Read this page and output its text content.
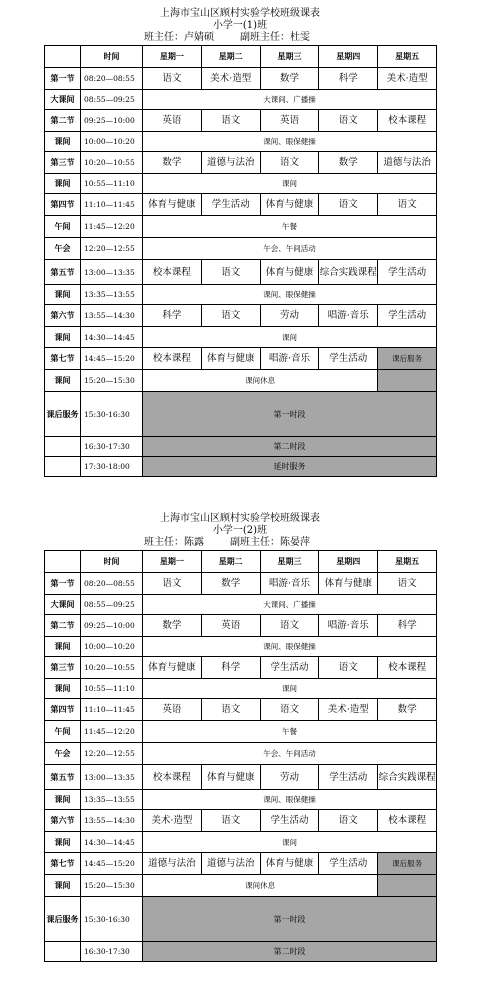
上海市宝山区顾村实验学校班级课表
小学一(1)班
班主任：卢婧硕	副班主任：杜雯
	时间	星期一	星期二	星期三	星期四	星期五
第一节	08:20—08:55	语文	美术·造型	数学	科学	美术·造型
大课间	08:55—09:25	大课间、广播操				
第二节	09:25—10:00	英语	语文	英语	语文	校本课程
课间	10:00—10:20	课间、眼保健操				
第三节	10:20—10:55	数学	道德与法治	语文	数学	道德与法治
课间	10:55—11:10	课间				
第四节	11:10—11:45	体育与健康	学生活动	体育与健康	语文	语文
午间	11:45—12:20	午餐				
午会	12:20—12:55	午会、午间活动				
第五节	13:00—13:35	校本课程	语文	体育与健康	综合实践课程	学生活动
课间	13:35—13:55	课间、眼保健操				
第六节	13:55—14:30	科学	语文	劳动	唱游·音乐	学生活动
课间	14:30—14:45	课间				
第七节	14:45—15:20	校本课程	体育与健康	唱游·音乐	学生活动	课后服务
课间	15:20—15:30	课间休息				
课后服务	15:30-16:30	第一时段				
	16:30-17:30	第二时段				
	17:30-18:00	延时服务				
上海市宝山区顾村实验学校班级课表
小学一(2)班
班主任：陈露	副班主任：陈晏萍
	时间	星期一	星期二	星期三	星期四	星期五
第一节	08:20—08:55	语文	数学	唱游·音乐	体育与健康	语文
大课间	08:55—09:25	大课间、广播操				
第二节	09:25—10:00	数学	英语	语文	唱游·音乐	科学
课间	10:00—10:20	课间、眼保健操				
第三节	10:20—10:55	体育与健康	科学	学生活动	语文	校本课程
课间	10:55—11:10	课间				
第四节	11:10—11:45	英语	语文	语文	美术·造型	数学
午间	11:45—12:20	午餐				
午会	12:20—12:55	午会、午间活动				
第五节	13:00—13:35	校本课程	体育与健康	劳动	学生活动	综合实践课程
课间	13:35—13:55	课间、眼保健操				
第六节	13:55—14:30	美术·造型	语文	学生活动	语文	校本课程
课间	14:30—14:45	课间				
第七节	14:45—15:20	道德与法治	道德与法治	体育与健康	学生活动	课后服务
课间	15:20—15:30	课间休息				
课后服务	15:30-16:30	第一时段				
	16:30-17:30	第二时段				
